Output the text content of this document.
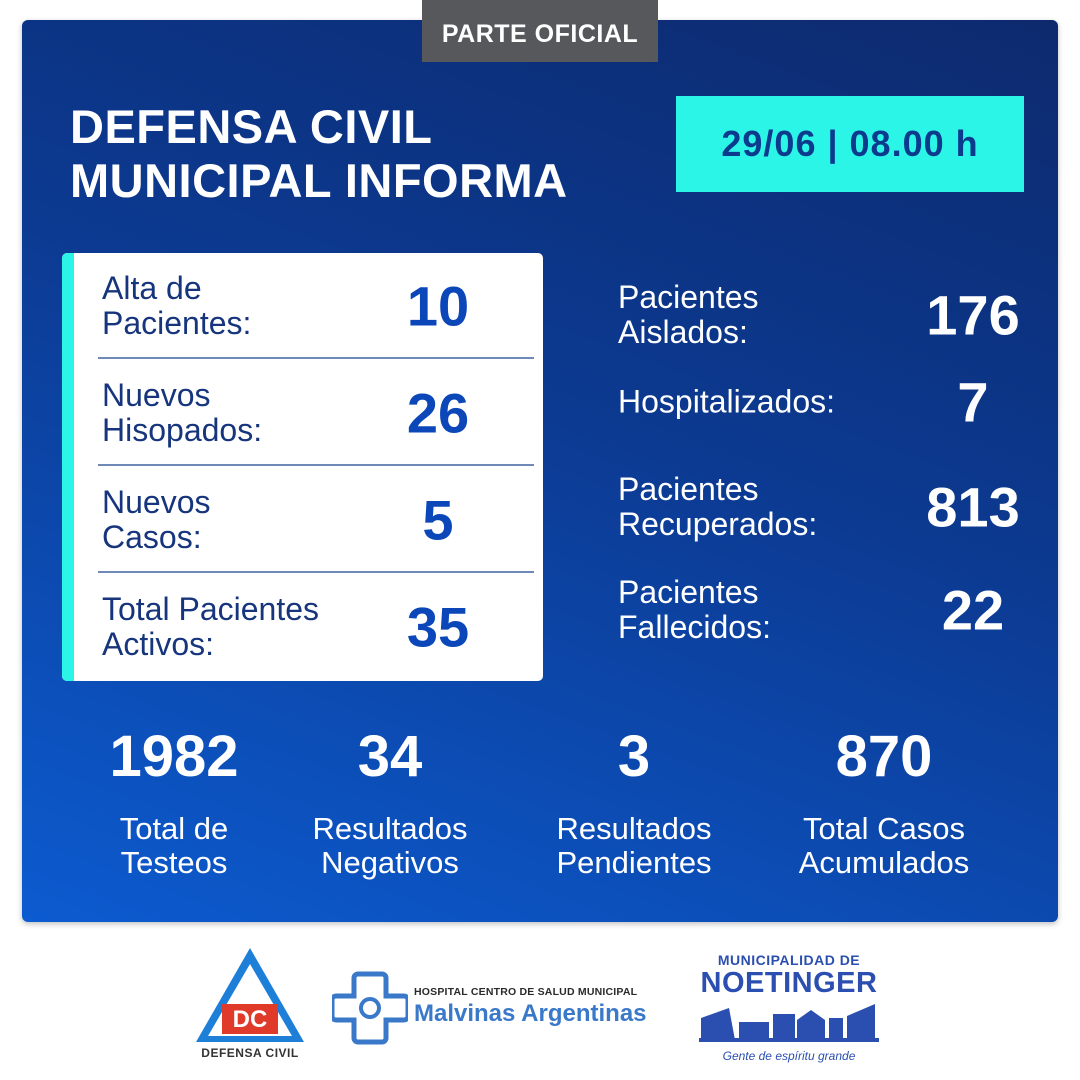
PARTE OFICIAL
DEFENSA CIVIL
MUNICIPAL INFORMA
29/06 | 08.00 h
Alta de
Pacientes:	10
Nuevos
Hisopados:	26
Nuevos
Casos:	5
Total Pacientes
Activos:	35
Pacientes
Aislados:	176
Hospitalizados:	7
Pacientes
Recuperados:	813
Pacientes
Fallecidos:	22
1982
Total de
Testeos
34
Resultados
Negativos
3
Resultados
Pendientes
870
Total Casos
Acumulados
DC
DEFENSA CIVIL
HOSPITAL CENTRO DE SALUD MUNICIPAL
Malvinas Argentinas
MUNICIPALIDAD DE
NOETINGER
Gente de espíritu grande
